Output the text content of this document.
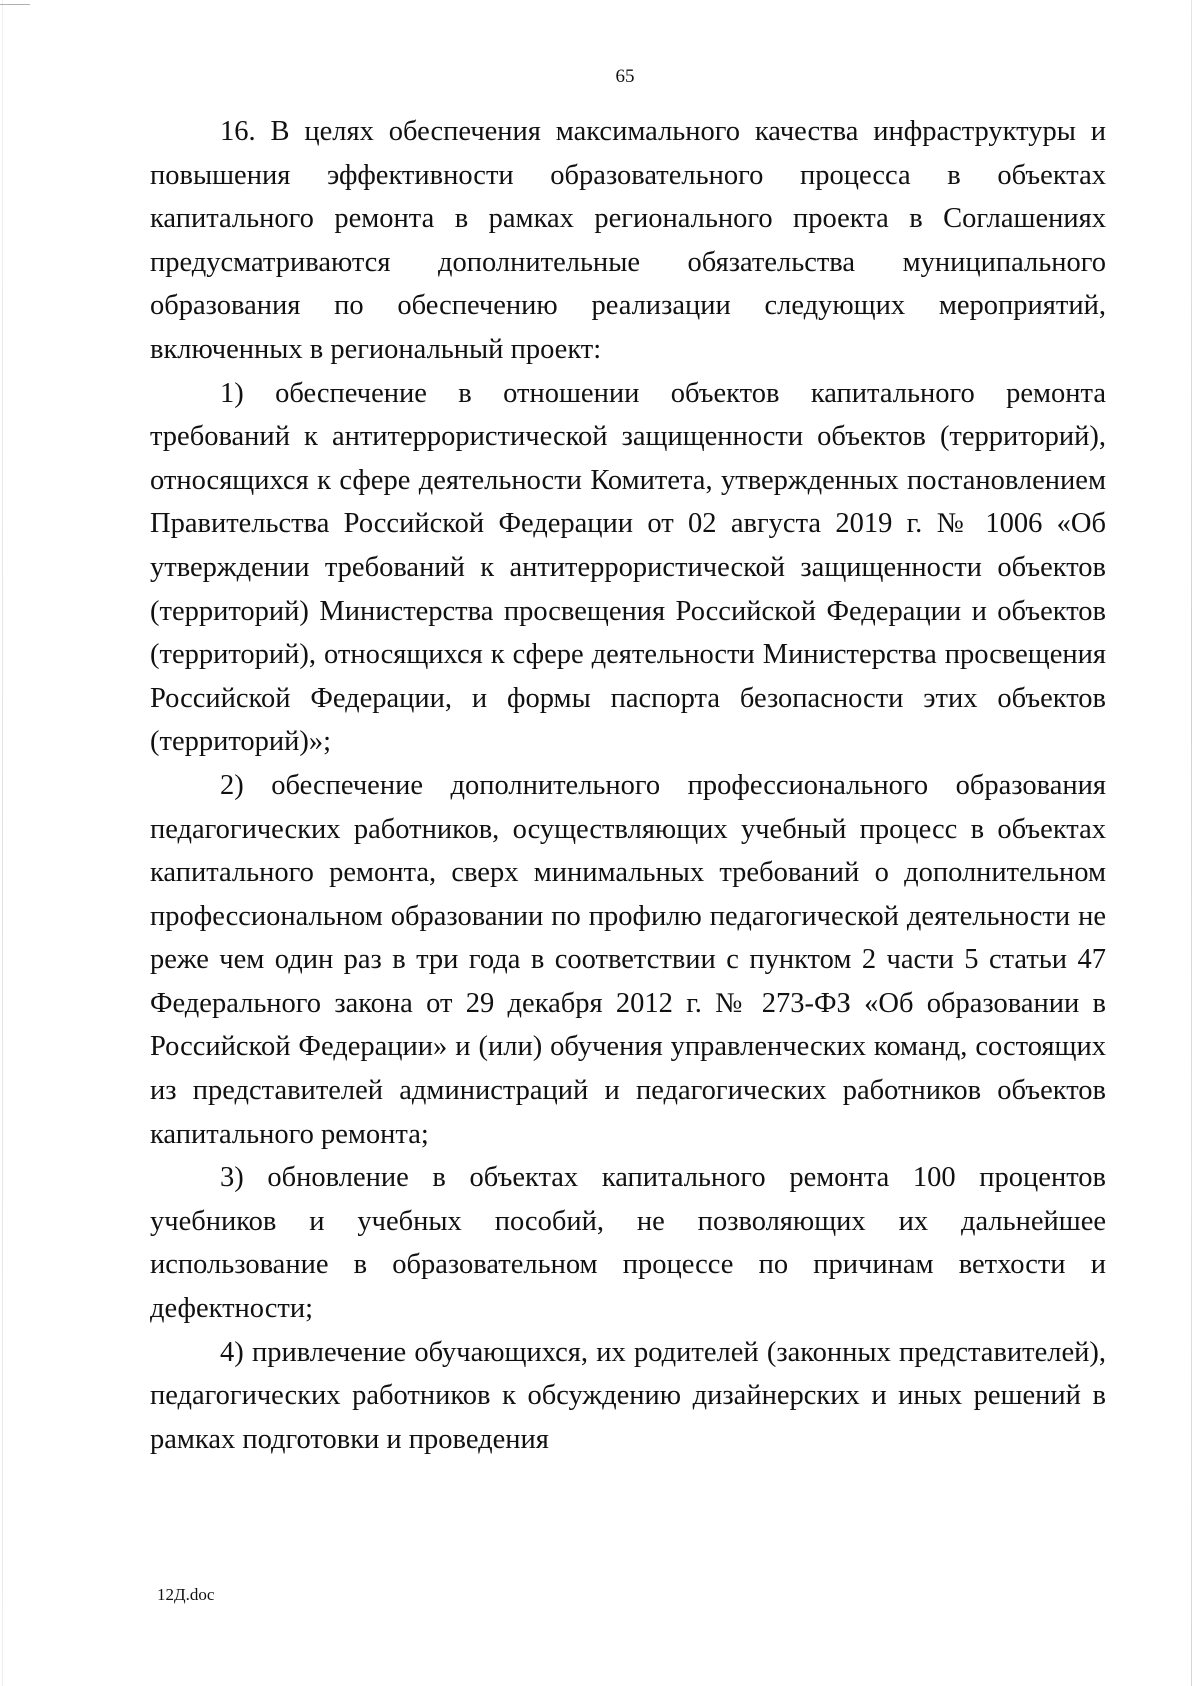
65

16. В целях обеспечения максимального качества инфраструктуры и повышения эффективности образовательного процесса в объектах капитального ремонта в рамках регионального проекта в Соглашениях предусматриваются дополнительные обязательства муниципального образования по обеспечению реализации следующих мероприятий, включенных в региональный проект:

1) обеспечение в отношении объектов капитального ремонта требований к антитеррористической защищенности объектов (территорий), относящихся к сфере деятельности Комитета, утвержденных постановлением Правительства Российской Федерации от 02 августа 2019 г. № 1006 «Об утверждении требований к антитеррористической защищенности объектов (территорий) Министерства просвещения Российской Федерации и объектов (территорий), относящихся к сфере деятельности Министерства просвещения Российской Федерации, и формы паспорта безопасности этих объектов (территорий)»;

2) обеспечение дополнительного профессионального образования педагогических работников, осуществляющих учебный процесс в объектах капитального ремонта, сверх минимальных требований о дополнительном профессиональном образовании по профилю педагогической деятельности не реже чем один раз в три года в соответствии с пунктом 2 части 5 статьи 47 Федерального закона от 29 декабря 2012 г. № 273-ФЗ «Об образовании в Российской Федерации» и (или) обучения управленческих команд, состоящих из представителей администраций и педагогических работников объектов капитального ремонта;

3) обновление в объектах капитального ремонта 100 процентов учебников и учебных пособий, не позволяющих их дальнейшее использование в образовательном процессе по причинам ветхости и дефектности;

4) привлечение обучающихся, их родителей (законных представителей), педагогических работников к обсуждению дизайнерских и иных решений в рамках подготовки и проведения

12Д.doc
